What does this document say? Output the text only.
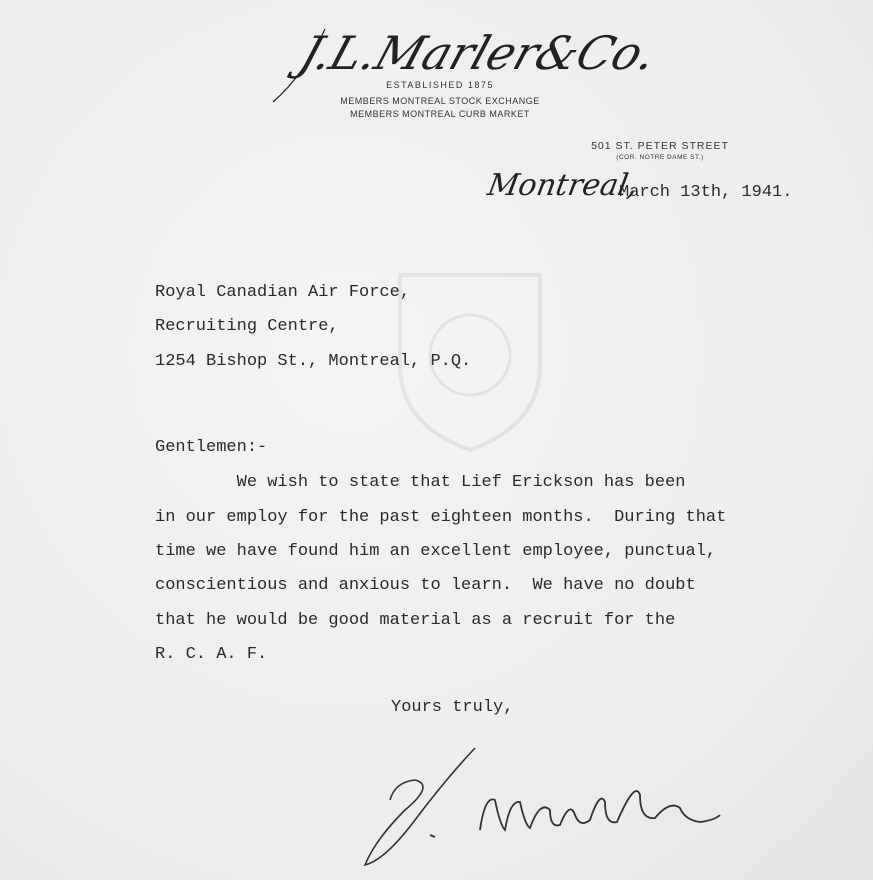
J.L.Marler&Co.
ESTABLISHED 1875
MEMBERS MONTREAL STOCK EXCHANGE
MEMBERS MONTREAL CURB MARKET
501 ST. PETER STREET
(COR. NOTRE DAME ST.)
Montreal,
March 13th, 1941.
Royal Canadian Air Force,
Recruiting Centre,
1254 Bishop St., Montreal, P.Q.
Gentlemen:-
We wish to state that Lief Erickson has been
in our employ for the past eighteen months.  During that
time we have found him an excellent employee, punctual,
conscientious and anxious to learn.  We have no doubt
that he would be good material as a recruit for the
R. C. A. F.
Yours truly,
